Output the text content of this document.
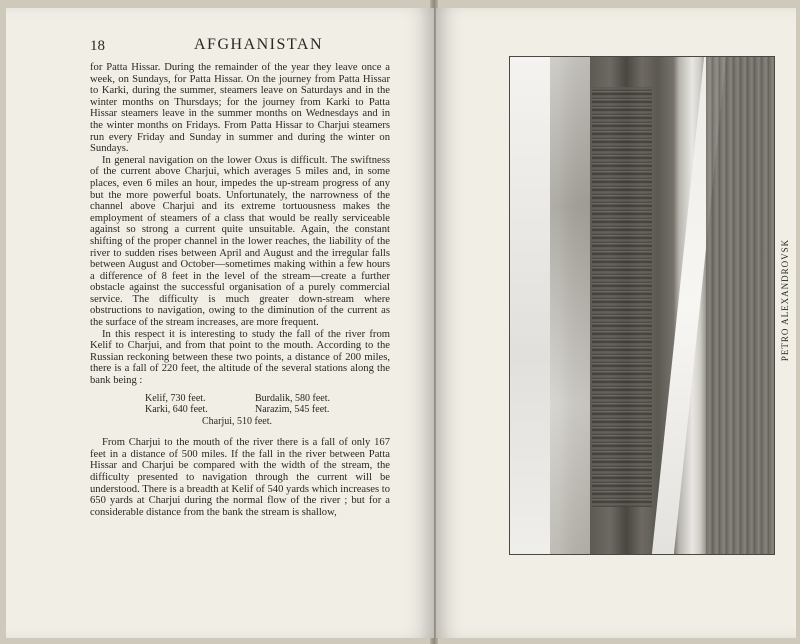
18	AFGHANISTAN

for Patta Hissar. During the remainder of the year they leave once a week, on Sundays, for Patta Hissar. On the journey from Patta Hissar to Karki, during the summer, steamers leave on Saturdays and in the winter months on Thursdays; for the journey from Karki to Patta Hissar steamers leave in the summer months on Wednesdays and in the winter months on Fridays. From Patta Hissar to Charjui steamers run every Friday and Sunday in summer and during the winter on Sundays.

In general navigation on the lower Oxus is difficult. The swiftness of the current above Charjui, which averages 5 miles and, in some places, even 6 miles an hour, impedes the up-stream progress of any but the more powerful boats. Unfortunately, the narrowness of the channel above Charjui and its extreme tortuousness makes the employment of steamers of a class that would be really serviceable against so strong a current quite unsuitable. Again, the constant shifting of the proper channel in the lower reaches, the liability of the river to sudden rises between April and August and the irregular falls between August and October—sometimes making within a few hours a difference of 8 feet in the level of the stream—create a further obstacle against the successful organisation of a purely commercial service. The difficulty is much greater down-stream where obstructions to navigation, owing to the diminution of the current as the surface of the stream increases, are more frequent.

In this respect it is interesting to study the fall of the river from Kelif to Charjui, and from that point to the mouth. According to the Russian reckoning between these two points, a distance of 200 miles, there is a fall of 220 feet, the altitude of the several stations along the bank being :

Kelif, 730 feet.	Burdalik, 580 feet.
Karki, 640 feet.	Narazim, 545 feet.
Charjui, 510 feet.

From Charjui to the mouth of the river there is a fall of only 167 feet in a distance of 500 miles. If the fall in the river between Patta Hissar and Charjui be compared with the width of the stream, the difficulty presented to navigation through the current will be understood. There is a breadth at Kelif of 540 yards which increases to 650 yards at Charjui during the normal flow of the river ; but for a considerable distance from the bank the stream is shallow,

PETRO ALEXANDROVSK
